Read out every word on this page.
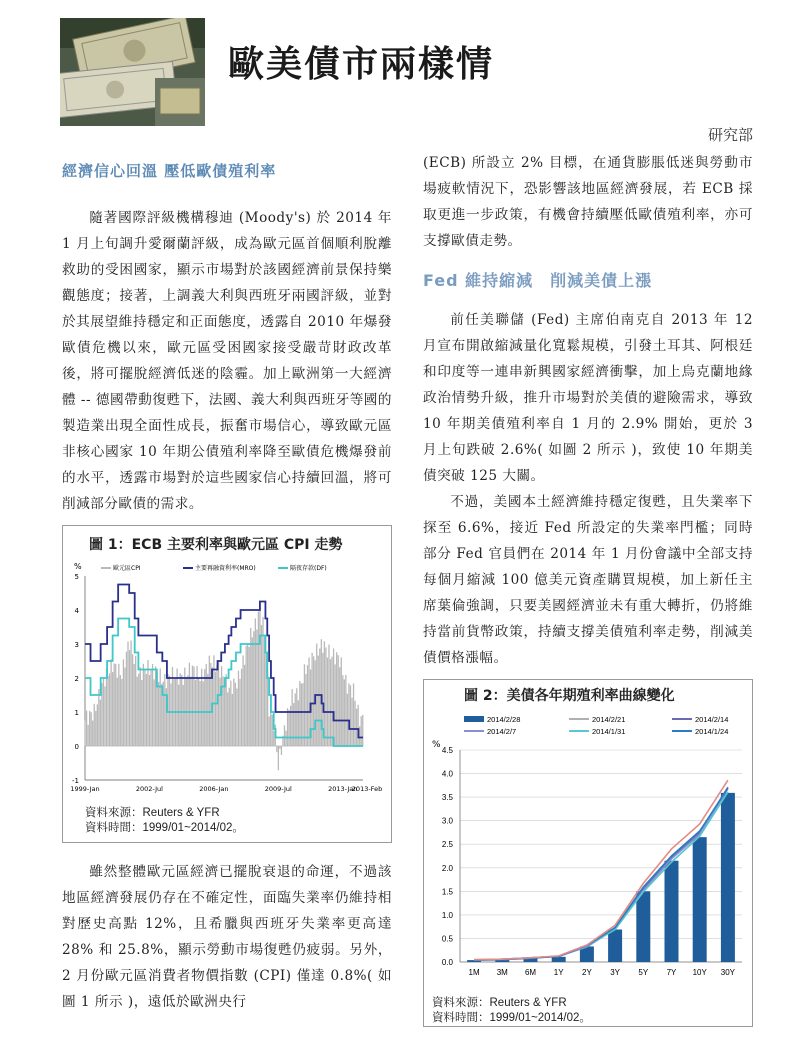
歐美債市兩樣情
研究部
經濟信心回溫 壓低歐債殖利率

隨著國際評級機構穆迪 (Moody's) 於 2014 年 1 月上旬調升愛爾蘭評級，成為歐元區首個順利脫離救助的受困國家，顯示市場對於該國經濟前景保持樂觀態度；接著，上調義大利與西班牙兩國評級，並對於其展望維持穩定和正面態度，透露自 2010 年爆發歐債危機以來，歐元區受困國家接受嚴苛財政改革後，將可擺脫經濟低迷的陰霾。加上歐洲第一大經濟體 -- 德國帶動復甦下，法國、義大利與西班牙等國的製造業出現全面性成長，振奮市場信心，導致歐元區非核心國家 10 年期公債殖利率降至歐債危機爆發前的水平，透露市場對於這些國家信心持續回溫，將可削減部分歐債的需求。

圖 1：ECB 主要利率與歐元區 CPI 走勢
%	歐元區CPI	主要再融資利率(MRO)	隔夜存款(DF)
5
4
3
2
1
0
-1
1999-Jan	2002-Jul	2006-Jan	2009-Jul	2013-Jan
2013-Feb
資料來源：Reuters & YFR
資料時間：1999/01~2014/02。

雖然整體歐元區經濟已擺脫衰退的命運，不過該地區經濟發展仍存在不確定性，面臨失業率仍維持相對歷史高點 12%，且希臘與西班牙失業率更高達 28% 和 25.8%，顯示勞動市場復甦仍疲弱。另外， 2 月份歐元區消費者物價指數 (CPI) 僅達 0.8%( 如圖 1 所示 )，遠低於歐洲央行

(ECB) 所設立 2% 目標，在通貨膨脹低迷與勞動市場疲軟情況下，恐影響該地區經濟發展，若 ECB 採取更進一步政策，有機會持續壓低歐債殖利率，亦可支撐歐債走勢。

Fed 維持縮減　削減美債上漲

前任美聯儲 (Fed) 主席伯南克自 2013 年 12 月宣布開啟縮減量化寬鬆規模，引發土耳其、阿根廷和印度等一連串新興國家經濟衝擊，加上烏克蘭地緣政治情勢升級，推升市場對於美債的避險需求，導致 10 年期美債殖利率自 1 月的 2.9% 開始，更於 3 月上旬跌破 2.6%( 如圖 2 所示 )，致使 10 年期美債突破 125 大關。

不過，美國本土經濟維持穩定復甦，且失業率下探至 6.6%，接近 Fed 所設定的失業率門檻；同時部分 Fed 官員們在 2014 年 1 月份會議中全部支持每個月縮減 100 億美元資產購買規模，加上新任主席葉倫強調，只要美國經濟並未有重大轉折，仍將維持當前貨幣政策，持續支撐美債殖利率走勢，削減美債價格漲幅。

圖 2：美債各年期殖利率曲線變化
%
2014/2/28	2014/2/21	2014/2/14
2014/2/7	2014/1/31	2014/1/24
4.5
4.0
3.5
3.0
2.5
2.0
1.5
1.0
0.5
0.0
1M 3M 6M 1Y 2Y 3Y 5Y 7Y 10Y 30Y
資料來源：Reuters & YFR
資料時間：1999/01~2014/02。
